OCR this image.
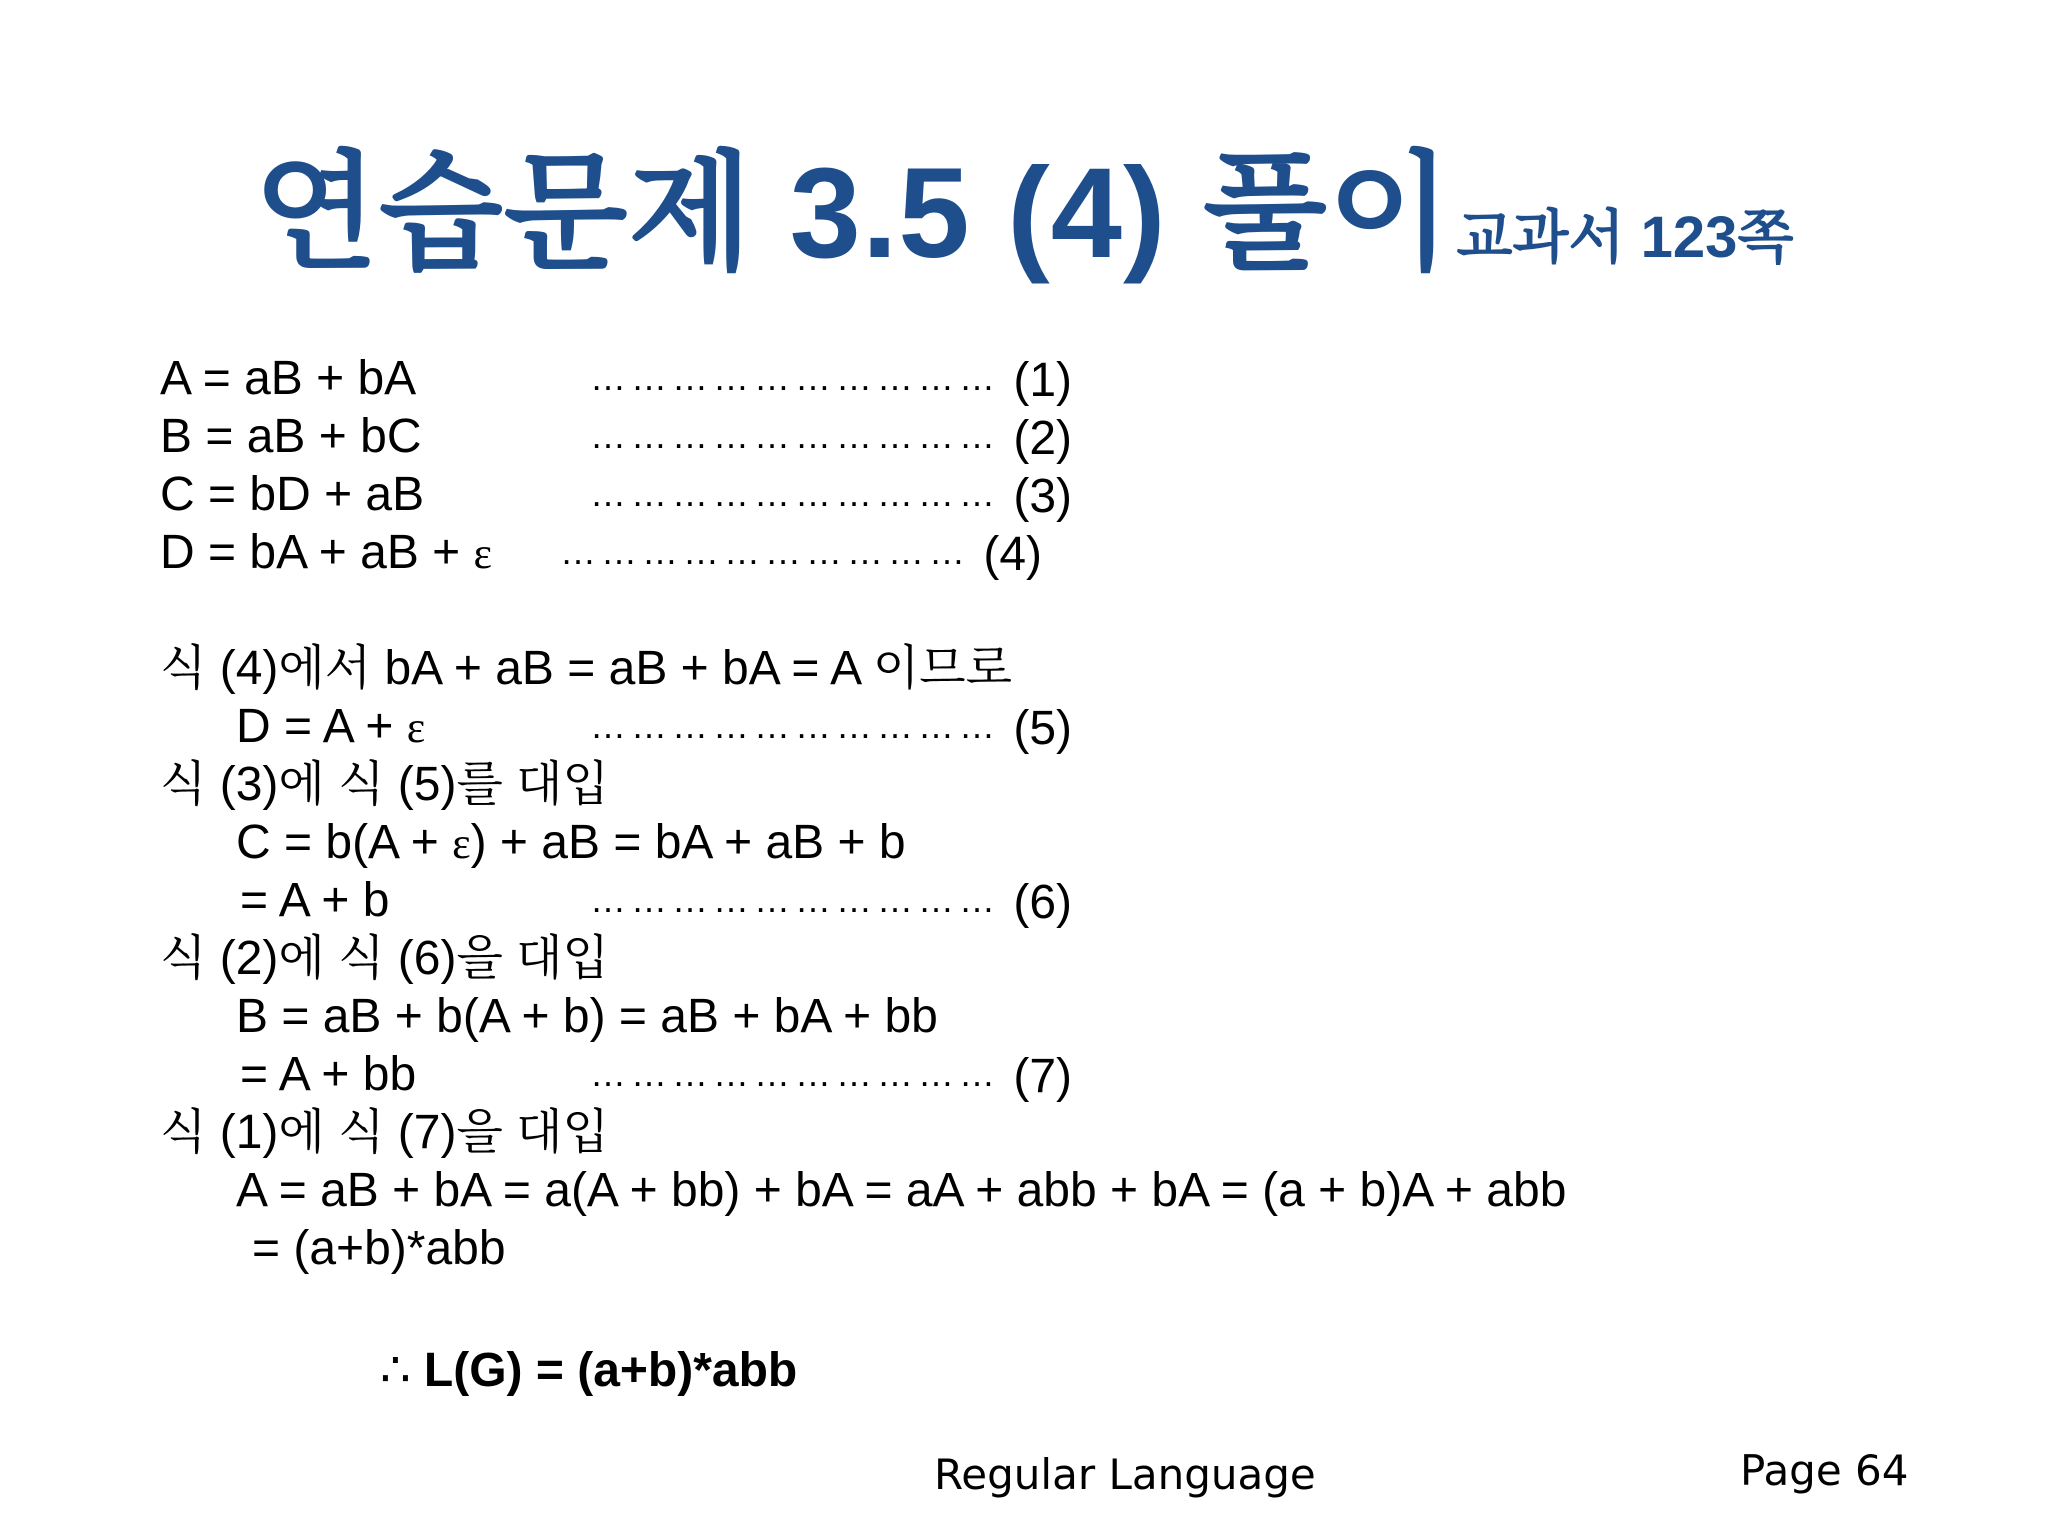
연습문제 3.5 (4) 풀이교과서 123쪽
A = aB + bA	………………………… (1)
B = aB + bC	………………………… (2)
C = bD + aB	………………………… (3)
D = bA + aB + ε ………………………… (4)
식 (4)에서 bA + aB = aB + bA = A 이므로
D = A + ε	………………………… (5)
식 (3)에 식 (5)를 대입
C = b(A + ε) + aB = bA + aB + b
= A + b	………………………… (6)
식 (2)에 식 (6)을 대입
B = aB + b(A + b) = aB + bA + bb
= A + bb	………………………… (7)
식 (1)에 식 (7)을 대입
A = aB + bA = a(A + bb) + bA = aA + abb + bA = (a + b)A + abb
= (a+b)*abb
∴ L(G) = (a+b)*abb
Regular Language	Page 64
